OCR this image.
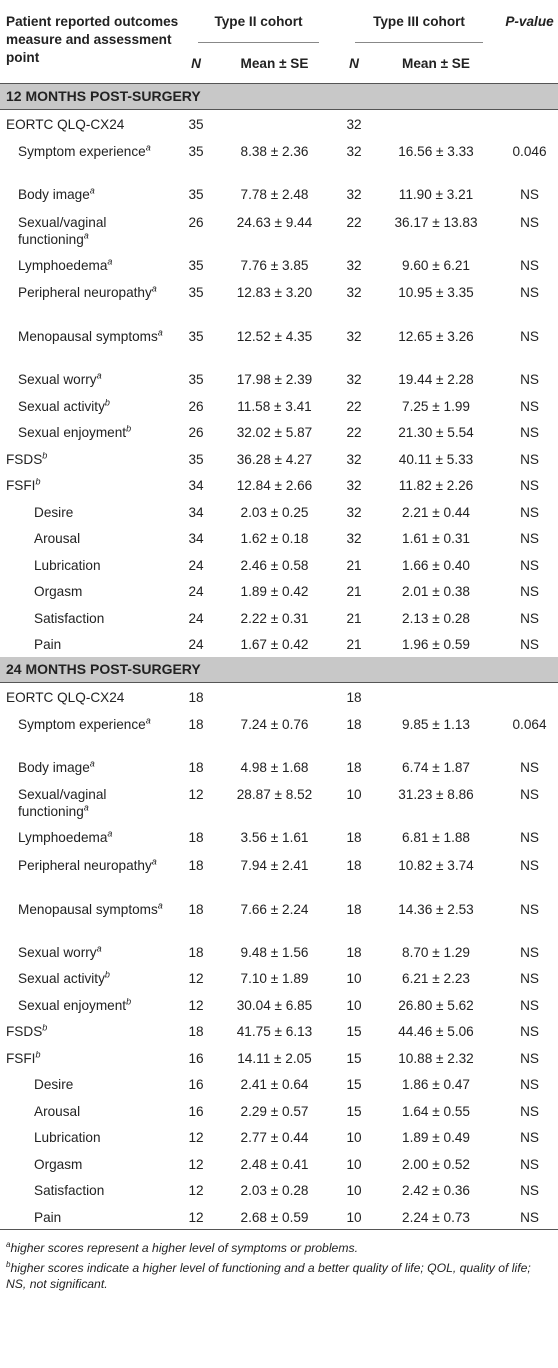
Patient reported outcomes measure and assessment point	Type II cohort		Type III cohort		P-value

	N	Mean ± SE	N	Mean ± SE	

12 MONTHS POST-SURGERY					
EORTC QLQ-CX24	35		32		
Symptom experience$^a$	35	8.38 ± 2.36	32	16.56 ± 3.33	0.046
Body image$^a$	35	7.78 ± 2.48	32	11.90 ± 3.21	NS
Sexual/vaginal functioning$^a$	26	24.63 ± 9.44	22	36.17 ± 13.83	NS
Lymphoedema$^a$	35	7.76 ± 3.85	32	9.60 ± 6.21	NS
Peripheral neuropathy$^a$	35	12.83 ± 3.20	32	10.95 ± 3.35	NS
Menopausal symptoms$^a$	35	12.52 ± 4.35	32	12.65 ± 3.26	NS
Sexual worry$^a$	35	17.98 ± 2.39	32	19.44 ± 2.28	NS
Sexual activity$^b$	26	11.58 ± 3.41	22	7.25 ± 1.99	NS
Sexual enjoyment$^b$	26	32.02 ± 5.87	22	21.30 ± 5.54	NS
FSDS$^b$	35	36.28 ± 4.27	32	40.11 ± 5.33	NS
FSFI$^b$	34	12.84 ± 2.66	32	11.82 ± 2.26	NS
Desire	34	2.03 ± 0.25	32	2.21 ± 0.44	NS
Arousal	34	1.62 ± 0.18	32	1.61 ± 0.31	NS
Lubrication	24	2.46 ± 0.58	21	1.66 ± 0.40	NS
Orgasm	24	1.89 ± 0.42	21	2.01 ± 0.38	NS
Satisfaction	24	2.22 ± 0.31	21	2.13 ± 0.28	NS
Pain	24	1.67 ± 0.42	21	1.96 ± 0.59	NS
24 MONTHS POST-SURGERY					
EORTC QLQ-CX24	18		18		
Symptom experience$^a$	18	7.24 ± 0.76	18	9.85 ± 1.13	0.064
Body image$^a$	18	4.98 ± 1.68	18	6.74 ± 1.87	NS
Sexual/vaginal functioning$^a$	12	28.87 ± 8.52	10	31.23 ± 8.86	NS
Lymphoedema$^a$	18	3.56 ± 1.61	18	6.81 ± 1.88	NS
Peripheral neuropathy$^a$	18	7.94 ± 2.41	18	10.82 ± 3.74	NS
Menopausal symptoms$^a$	18	7.66 ± 2.24	18	14.36 ± 2.53	NS
Sexual worry$^a$	18	9.48 ± 1.56	18	8.70 ± 1.29	NS
Sexual activity$^b$	12	7.10 ± 1.89	10	6.21 ± 2.23	NS
Sexual enjoyment$^b$	12	30.04 ± 6.85	10	26.80 ± 5.62	NS
FSDS$^b$	18	41.75 ± 6.13	15	44.46 ± 5.06	NS
FSFI$^b$	16	14.11 ± 2.05	15	10.88 ± 2.32	NS
Desire	16	2.41 ± 0.64	15	1.86 ± 0.47	NS
Arousal	16	2.29 ± 0.57	15	1.64 ± 0.55	NS
Lubrication	12	2.77 ± 0.44	10	1.89 ± 0.49	NS
Orgasm	12	2.48 ± 0.41	10	2.00 ± 0.52	NS
Satisfaction	12	2.03 ± 0.28	10	2.42 ± 0.36	NS
Pain	12	2.68 ± 0.59	10	2.24 ± 0.73	NS
$^a$higher scores represent a higher level of symptoms or problems.
$^b$higher scores indicate a higher level of functioning and a better quality of life; QOL, quality of life; NS, not significant.
